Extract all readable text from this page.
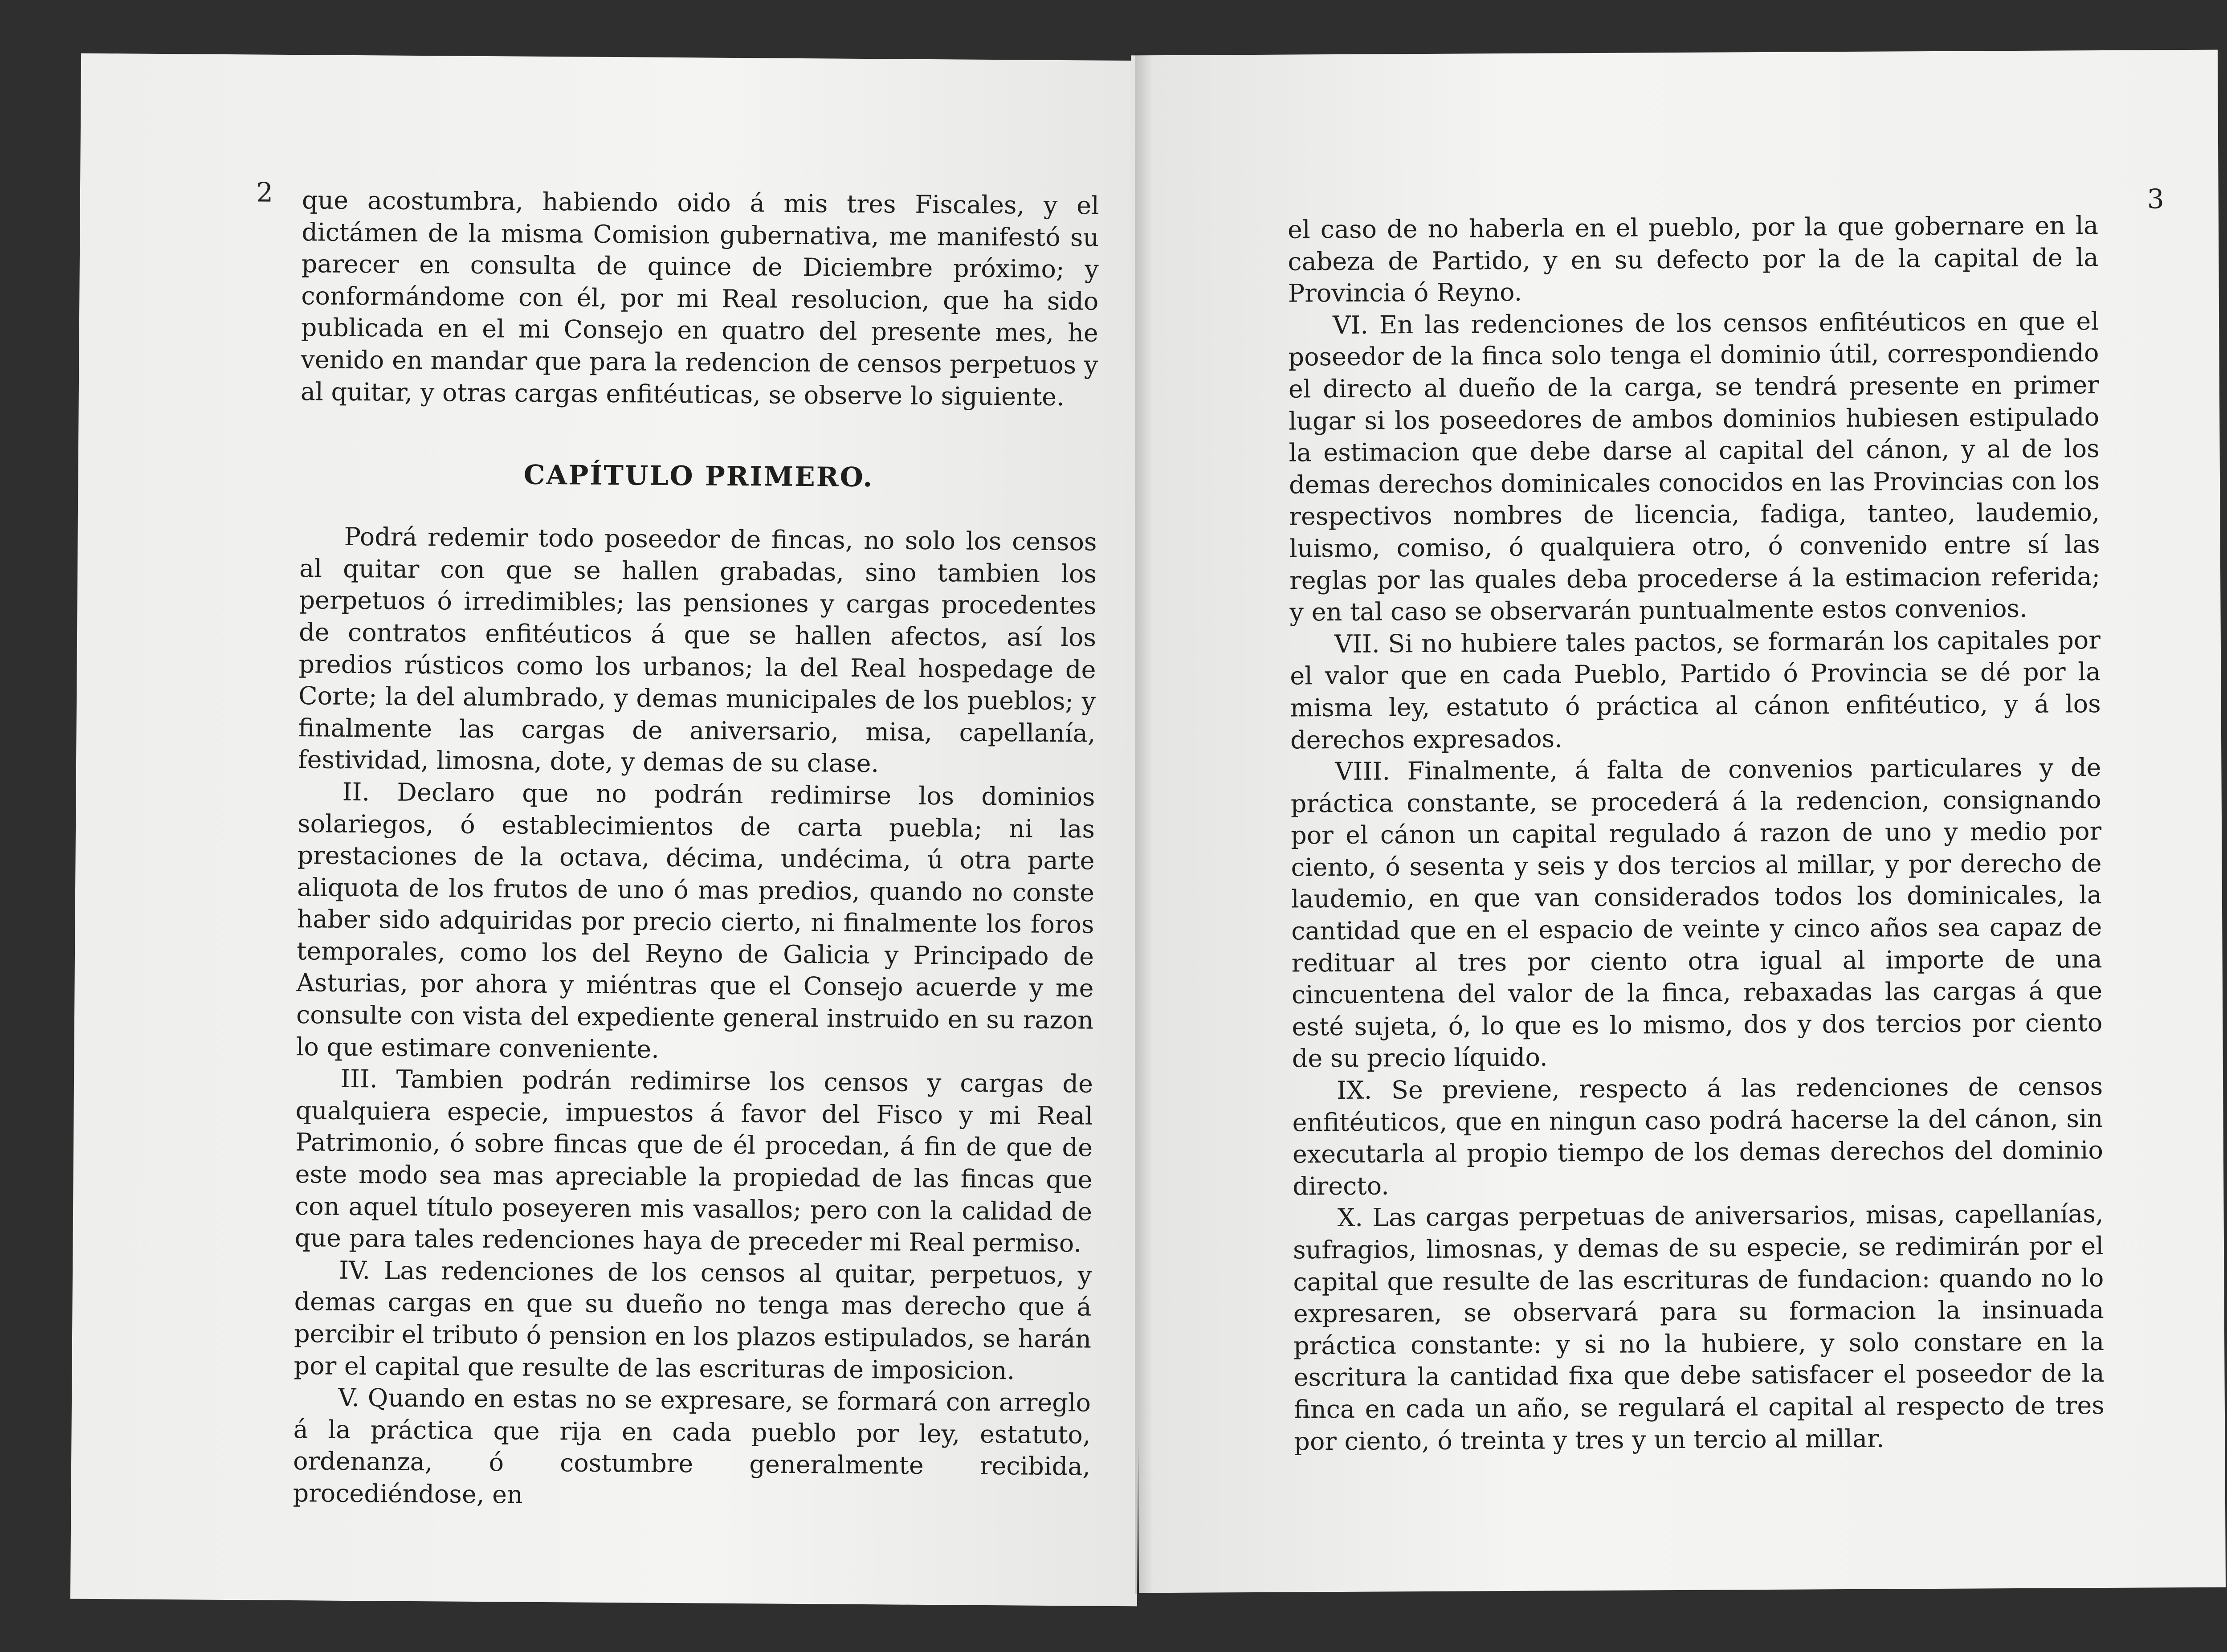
2 que acostumbra, habiendo oido á mis tres Fiscales, y el dictámen de la misma Comision gubernativa, me manifestó su parecer en consulta de quince de Diciembre próximo; y conformándome con él, por mi Real resolucion, que ha sido publicada en el mi Consejo en quatro del presente mes, he venido en mandar que para la redencion de censos perpetuos y al quitar, y otras cargas enfitéuticas, se observe lo siguiente.

CAPÍTULO PRIMERO.

Podrá redemir todo poseedor de fincas, no solo los censos al quitar con que se hallen grabadas, sino tambien los perpetuos ó irredimibles; las pensiones y cargas procedentes de contratos enfitéuticos á que se hallen afectos, así los predios rústicos como los urbanos; la del Real hospedage de Corte; la del alumbrado, y demas municipales de los pueblos; y finalmente las cargas de aniversario, misa, capellanía, festividad, limosna, dote, y demas de su clase.

II. Declaro que no podrán redimirse los dominios solariegos, ó establecimientos de carta puebla; ni las prestaciones de la octava, décima, undécima, ú otra parte aliquota de los frutos de uno ó mas predios, quando no conste haber sido adquiridas por precio cierto, ni finalmente los foros temporales, como los del Reyno de Galicia y Principado de Asturias, por ahora y miéntras que el Consejo acuerde y me consulte con vista del expediente general instruido en su razon lo que estimare conveniente.

III. Tambien podrán redimirse los censos y cargas de qualquiera especie, impuestos á favor del Fisco y mi Real Patrimonio, ó sobre fincas que de él procedan, á fin de que de este modo sea mas apreciable la propiedad de las fincas que con aquel título poseyeren mis vasallos; pero con la calidad de que para tales redenciones haya de preceder mi Real permiso.

IV. Las redenciones de los censos al quitar, perpetuos, y demas cargas en que su dueño no tenga mas derecho que á percibir el tributo ó pension en los plazos estipulados, se harán por el capital que resulte de las escrituras de imposicion.

V. Quando en estas no se expresare, se formará con arreglo á la práctica que rija en cada pueblo por ley, estatuto, ordenanza, ó costumbre generalmente recibida, procediéndose, en

3

el caso de no haberla en el pueblo, por la que gobernare en la cabeza de Partido, y en su defecto por la de la capital de la Provincia ó Reyno.

VI. En las redenciones de los censos enfitéuticos en que el poseedor de la finca solo tenga el dominio útil, correspondiendo el directo al dueño de la carga, se tendrá presente en primer lugar si los poseedores de ambos dominios hubiesen estipulado la estimacion que debe darse al capital del cánon, y al de los demas derechos dominicales conocidos en las Provincias con los respectivos nombres de licencia, fadiga, tanteo, laudemio, luismo, comiso, ó qualquiera otro, ó convenido entre sí las reglas por las quales deba procederse á la estimacion referida; y en tal caso se observarán puntualmente estos convenios.

VII. Si no hubiere tales pactos, se formarán los capitales por el valor que en cada Pueblo, Partido ó Provincia se dé por la misma ley, estatuto ó práctica al cánon enfitéutico, y á los derechos expresados.

VIII. Finalmente, á falta de convenios particulares y de práctica constante, se procederá á la redencion, consignando por el cánon un capital regulado á razon de uno y medio por ciento, ó sesenta y seis y dos tercios al millar, y por derecho de laudemio, en que van considerados todos los dominicales, la cantidad que en el espacio de veinte y cinco años sea capaz de redituar al tres por ciento otra igual al importe de una cincuentena del valor de la finca, rebaxadas las cargas á que esté sujeta, ó, lo que es lo mismo, dos y dos tercios por ciento de su precio líquido.

IX. Se previene, respecto á las redenciones de censos enfitéuticos, que en ningun caso podrá hacerse la del cánon, sin executarla al propio tiempo de los demas derechos del dominio directo.

X. Las cargas perpetuas de aniversarios, misas, capellanías, sufragios, limosnas, y demas de su especie, se redimirán por el capital que resulte de las escrituras de fundacion: quando no lo expresaren, se observará para su formacion la insinuada práctica constante: y si no la hubiere, y solo constare en la escritura la cantidad fixa que debe satisfacer el poseedor de la finca en cada un año, se regulará el capital al respecto de tres por ciento, ó treinta y tres y un tercio al millar.
